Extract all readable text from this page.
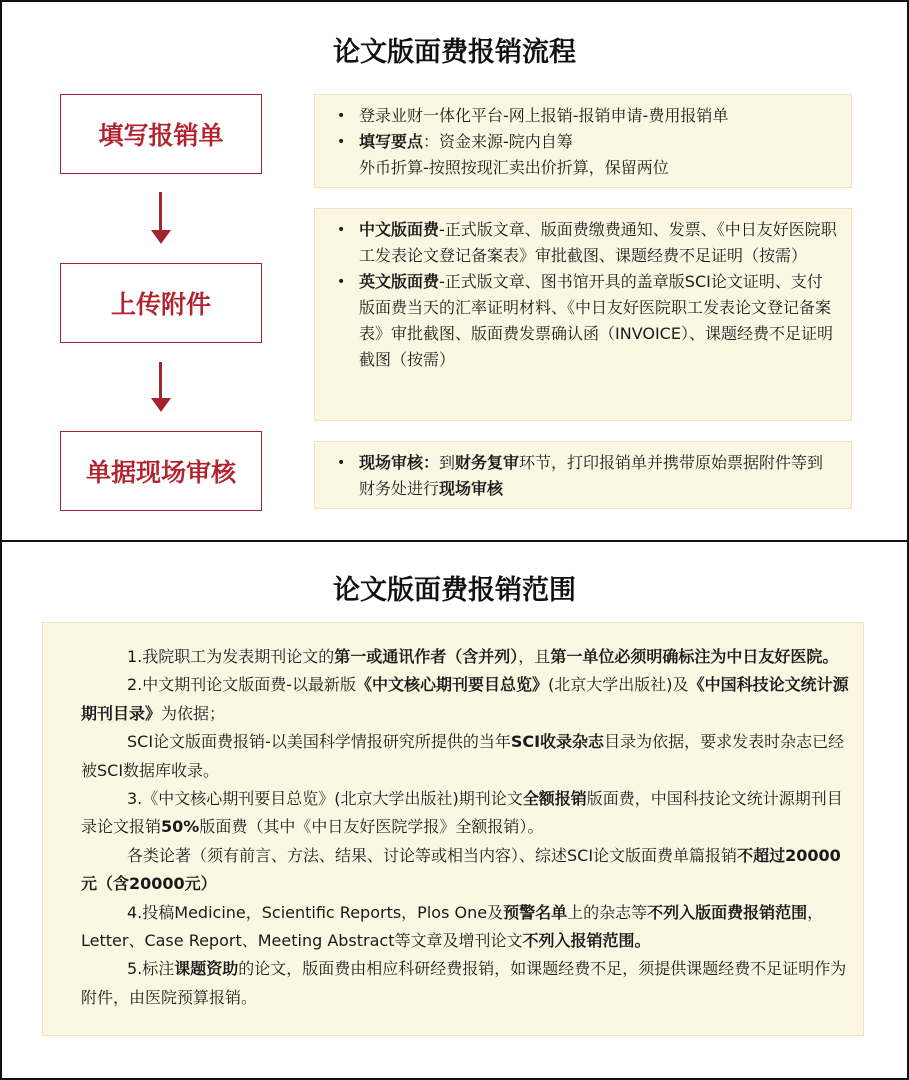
论文版面费报销流程
填写报销单
上传附件
单据现场审核
• 登录业财一体化平台-网上报销-报销申请-费用报销单
• 填写要点：资金来源-院内自筹
外币折算-按照按现汇卖出价折算，保留两位
• 中文版面费-正式版文章、版面费缴费通知、发票、《中日友好医院职工发表论文登记备案表》审批截图、课题经费不足证明（按需）
• 英文版面费-正式版文章、图书馆开具的盖章版SCI论文证明、支付版面费当天的汇率证明材料、《中日友好医院职工发表论文登记备案表》审批截图、版面费发票确认函（INVOICE）、课题经费不足证明截图（按需）
• 现场审核：到财务复审环节，打印报销单并携带原始票据附件等到财务处进行现场审核
论文版面费报销范围

1.我院职工为发表期刊论文的第一或通讯作者（含并列），且第一单位必须明确标注为中日友好医院。

2.中文期刊论文版面费-以最新版《中文核心期刊要目总览》(北京大学出版社)及《中国科技论文统计源期刊目录》为依据；

SCI论文版面费报销-以美国科学情报研究所提供的当年SCI收录杂志目录为依据，要求发表时杂志已经被SCI数据库收录。

3.《中文核心期刊要目总览》(北京大学出版社)期刊论文全额报销版面费，中国科技论文统计源期刊目录论文报销50%版面费（其中《中日友好医院学报》全额报销）。

各类论著（须有前言、方法、结果、讨论等或相当内容）、综述SCI论文版面费单篇报销不超过20000元（含20000元）

4.投稿Medicine，Scientific Reports，Plos One及预警名单上的杂志等不列入版面费报销范围，Letter、Case Report、Meeting Abstract等文章及增刊论文不列入报销范围。

5.标注课题资助的论文，版面费由相应科研经费报销，如课题经费不足，须提供课题经费不足证明作为附件，由医院预算报销。
